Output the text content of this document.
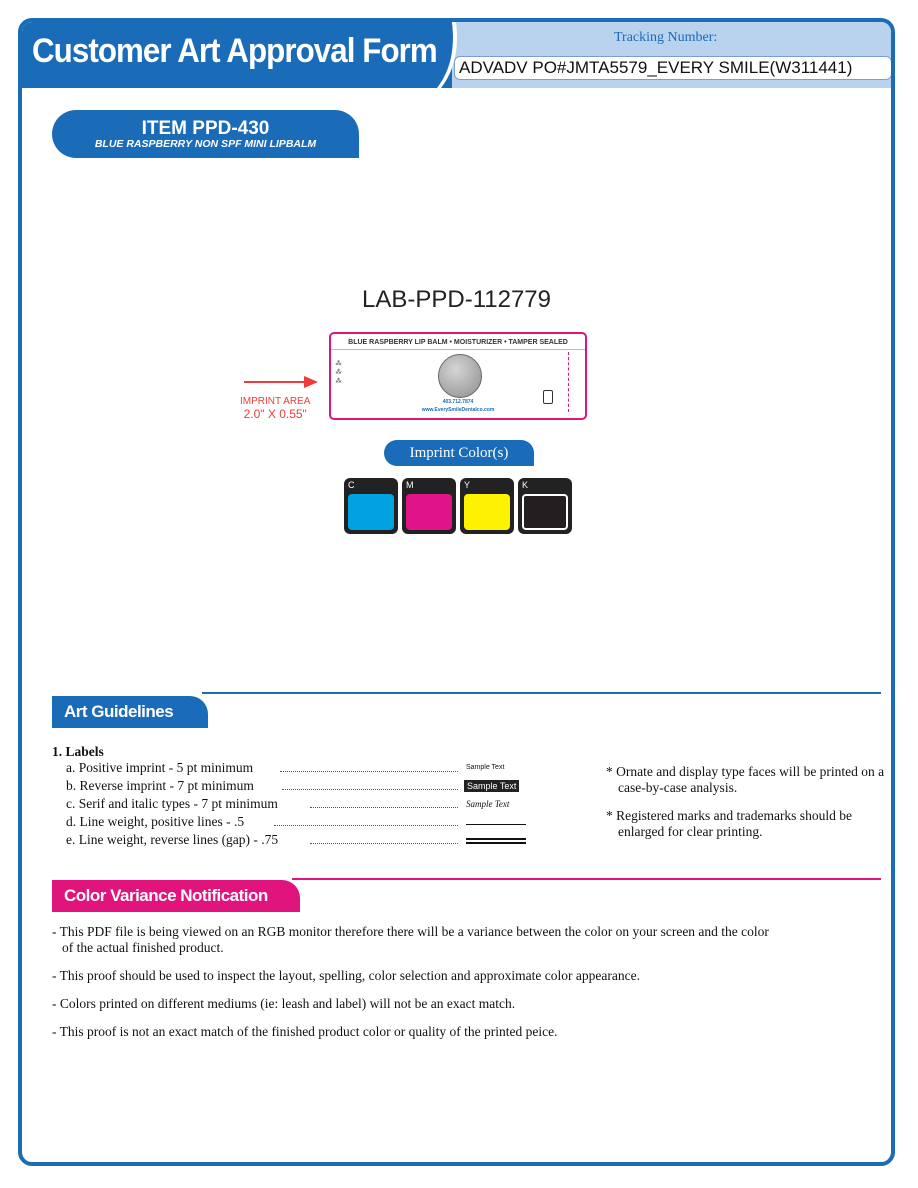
Customer Art Approval Form	Tracking Number:
ADVADV PO#JMTA5579_EVERY SMILE(W311441)
ITEM PPD-430
BLUE RASPBERRY NON SPF MINI LIPBALM
LAB-PPD-112779
BLUE RASPBERRY LIP BALM • MOISTURIZER • TAMPER SEALED
⁂ ⁂ ⁂
403.712.7874
www.EverySmileDentalco.com
IMPRINT AREA
2.0" X 0.55"
Imprint Color(s)
C	M	Y	K
Art Guidelines
1. Labels
a. Positive imprint - 5 pt minimum	Sample Text
b. Reverse imprint - 7 pt minimum	Sample Text
c. Serif and italic types - 7 pt minimum	Sample Text
d. Line weight, positive lines - .5
e. Line weight, reverse lines (gap) - .75

* Ornate and display type faces will be printed on a case-by-case analysis.

* Registered marks and trademarks should be enlarged for clear printing.

Color Variance Notification

- This PDF file is being viewed on an RGB monitor therefore there will be a variance between the color on your screen and the color of the actual finished product.

- This proof should be used to inspect the layout, spelling, color selection and approximate color appearance.

- Colors printed on different mediums (ie: leash and label) will not be an exact match.

- This proof is not an exact match of the finished product color or quality of the printed peice.
